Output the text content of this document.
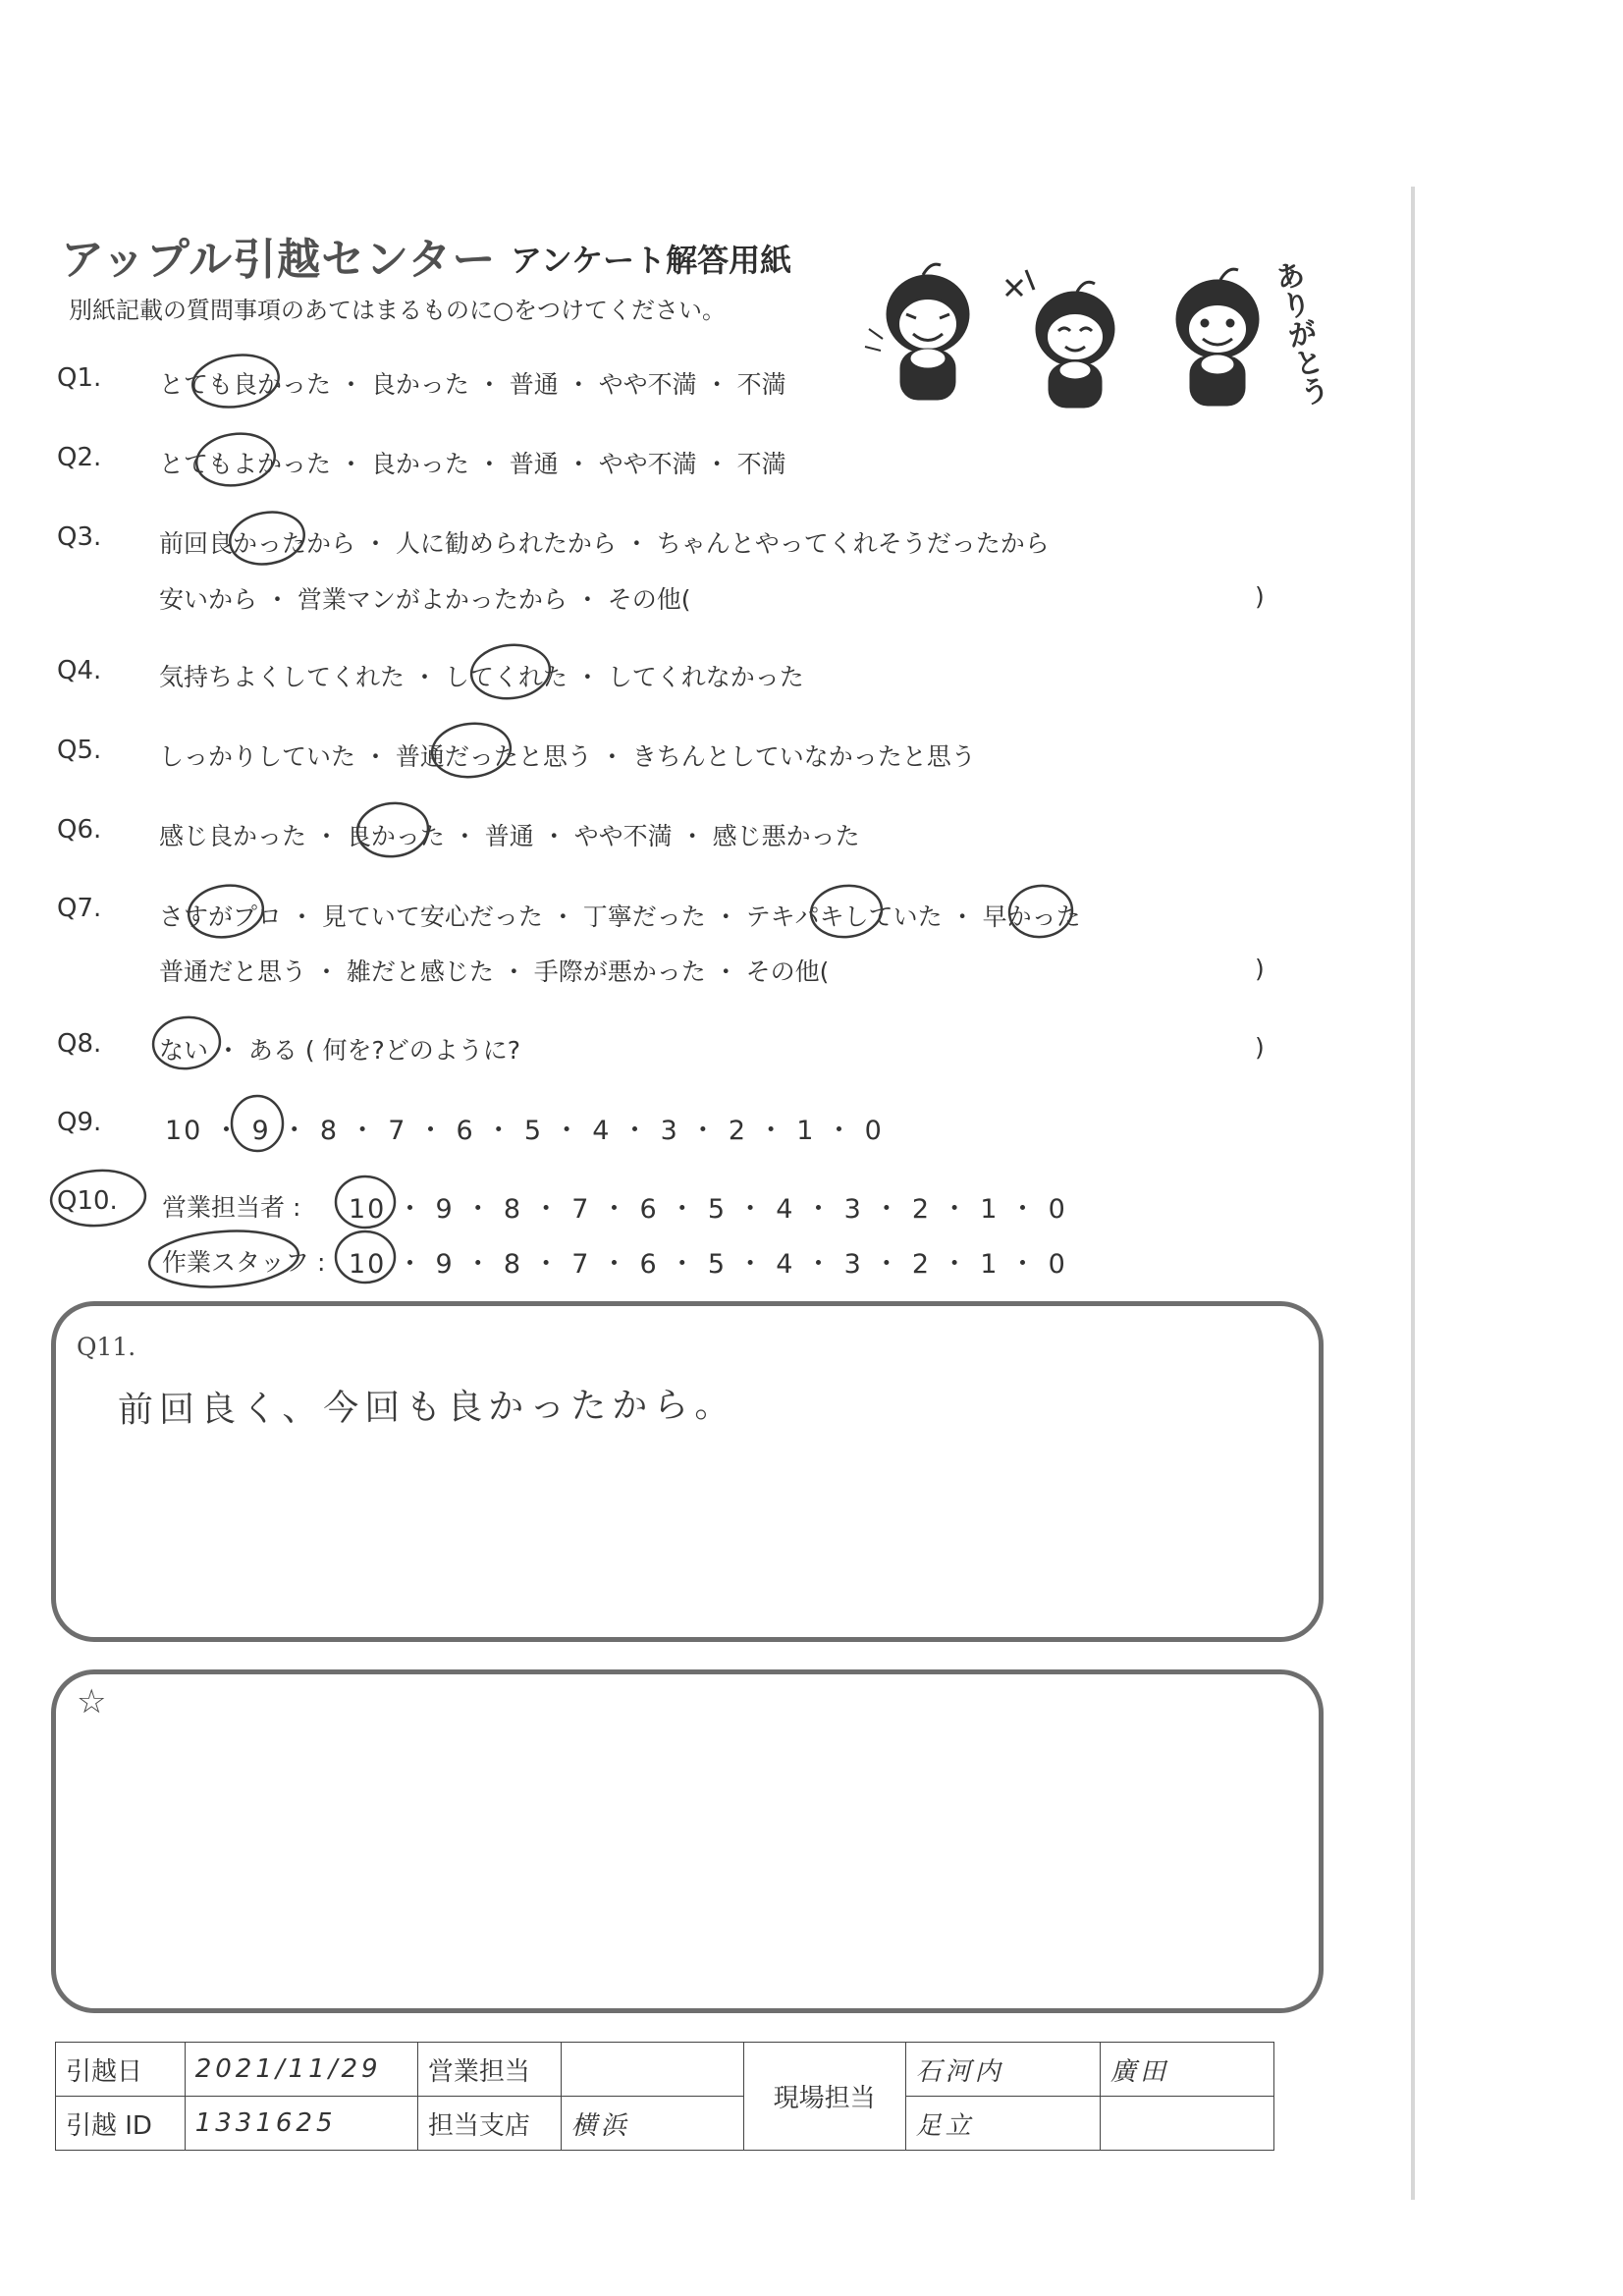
アップル引越センター アンケート解答用紙
別紙記載の質問事項のあてはまるものに○をつけてください。	ありがとう
Q1. とても良かった ・ 良かった ・ 普通 ・ やや不満 ・ 不満
Q2. とてもよかった ・ 良かった ・ 普通 ・ やや不満 ・ 不満
Q3. 前回良かったから ・ 人に勧められたから ・ ちゃんとやってくれそうだったから
安いから ・ 営業マンがよかったから ・ その他(	)
Q4. 気持ちよくしてくれた ・ してくれた ・ してくれなかった
Q5. しっかりしていた ・ 普通だったと思う ・ きちんとしていなかったと思う
Q6. 感じ良かった ・ 良かった ・ 普通 ・ やや不満 ・ 感じ悪かった
Q7. さすがプロ ・ 見ていて安心だった ・ 丁寧だった ・ テキパキしていた ・ 早かった
普通だと思う ・ 雑だと感じた ・ 手際が悪かった ・ その他(	)
Q8. ない ・ ある ( 何を?どのように?	)
Q9. 10 ・ 9 ・ 8 ・ 7 ・ 6 ・ 5 ・ 4 ・ 3 ・ 2 ・ 1 ・ 0
Q10. 営業担当者 : 10 ・ 9 ・ 8 ・ 7 ・ 6 ・ 5 ・ 4 ・ 3 ・ 2 ・ 1 ・ 0
作業スタッフ : 10 ・ 9 ・ 8 ・ 7 ・ 6 ・ 5 ・ 4 ・ 3 ・ 2 ・ 1 ・ 0
Q11.
前回良く、今回も良かったから。
☆
引越日	2021/11/29	営業担当		現場担当	石河内	廣田
引越 ID	1331625	担当支店	横浜		足立	
